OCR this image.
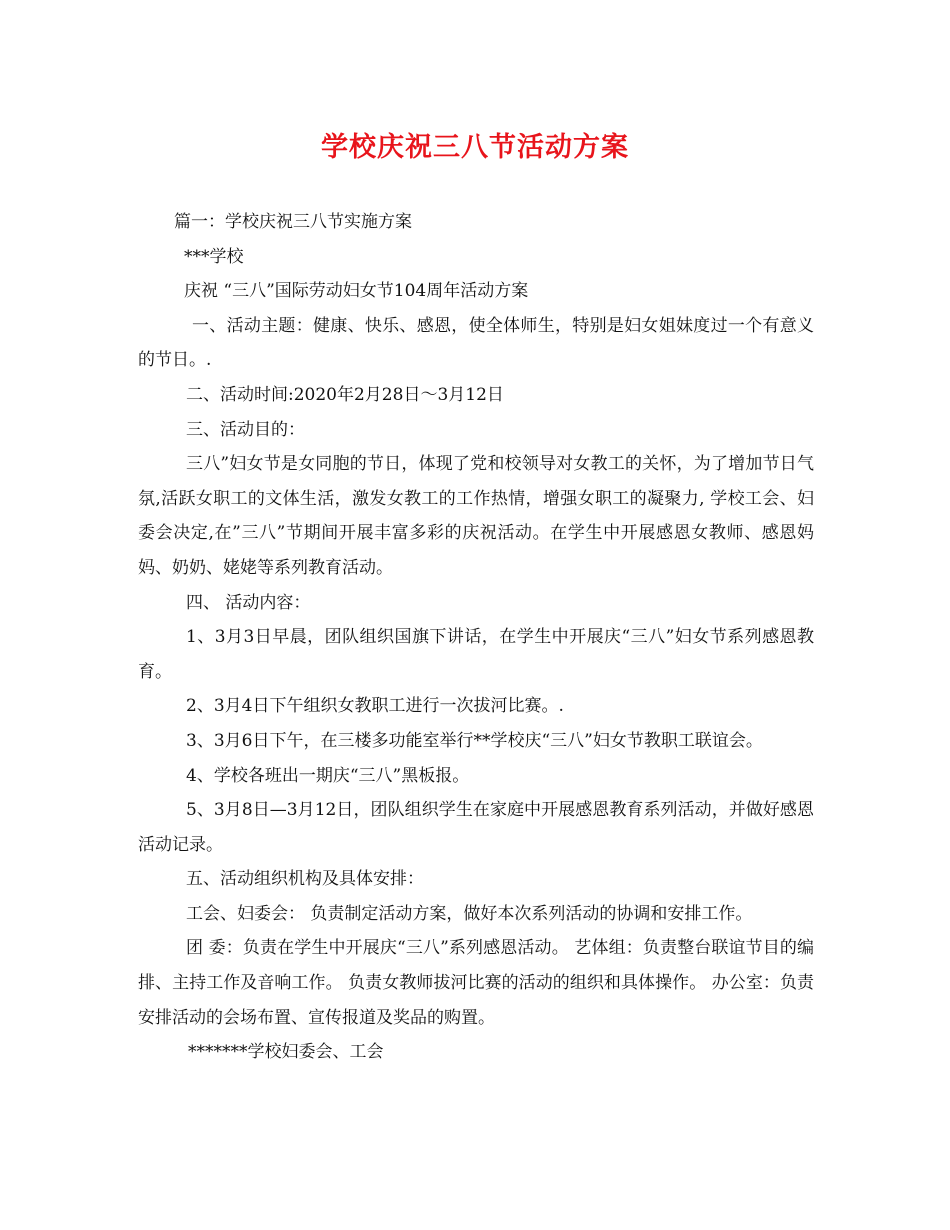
学校庆祝三八节活动方案

篇一：学校庆祝三八节实施方案

***学校

庆祝 “三八”国际劳动妇女节104周年活动方案

一、活动主题：健康、快乐、感恩，使全体师生，特别是妇女姐妹度过一个有意义的节日。.

二、活动时间:2020年2月28日～3月12日

三、活动目的：

三八”妇女节是女同胞的节日，体现了党和校领导对女教工的关怀，为了增加节日气氛,活跃女职工的文体生活，激发女教工的工作热情，增强女职工的凝聚力, 学校工会、妇委会决定,在”三八”节期间开展丰富多彩的庆祝活动。在学生中开展感恩女教师、感恩妈妈、奶奶、姥姥等系列教育活动。

四、 活动内容：

1、3月3日早晨，团队组织国旗下讲话，在学生中开展庆“三八”妇女节系列感恩教育。

2、3月4日下午组织女教职工进行一次拔河比赛。.

3、3月6日下午，在三楼多功能室举行**学校庆“三八”妇女节教职工联谊会。

4、学校各班出一期庆“三八”黑板报。

5、3月8日—3月12日，团队组织学生在家庭中开展感恩教育系列活动，并做好感恩活动记录。

五、活动组织机构及具体安排：

工会、妇委会： 负责制定活动方案，做好本次系列活动的协调和安排工作。

团 委：负责在学生中开展庆“三八”系列感恩活动。 艺体组：负责整台联谊节目的编排、主持工作及音响工作。 负责女教师拔河比赛的活动的组织和具体操作。 办公室：负责安排活动的会场布置、宣传报道及奖品的购置。

*******学校妇委会、工会
